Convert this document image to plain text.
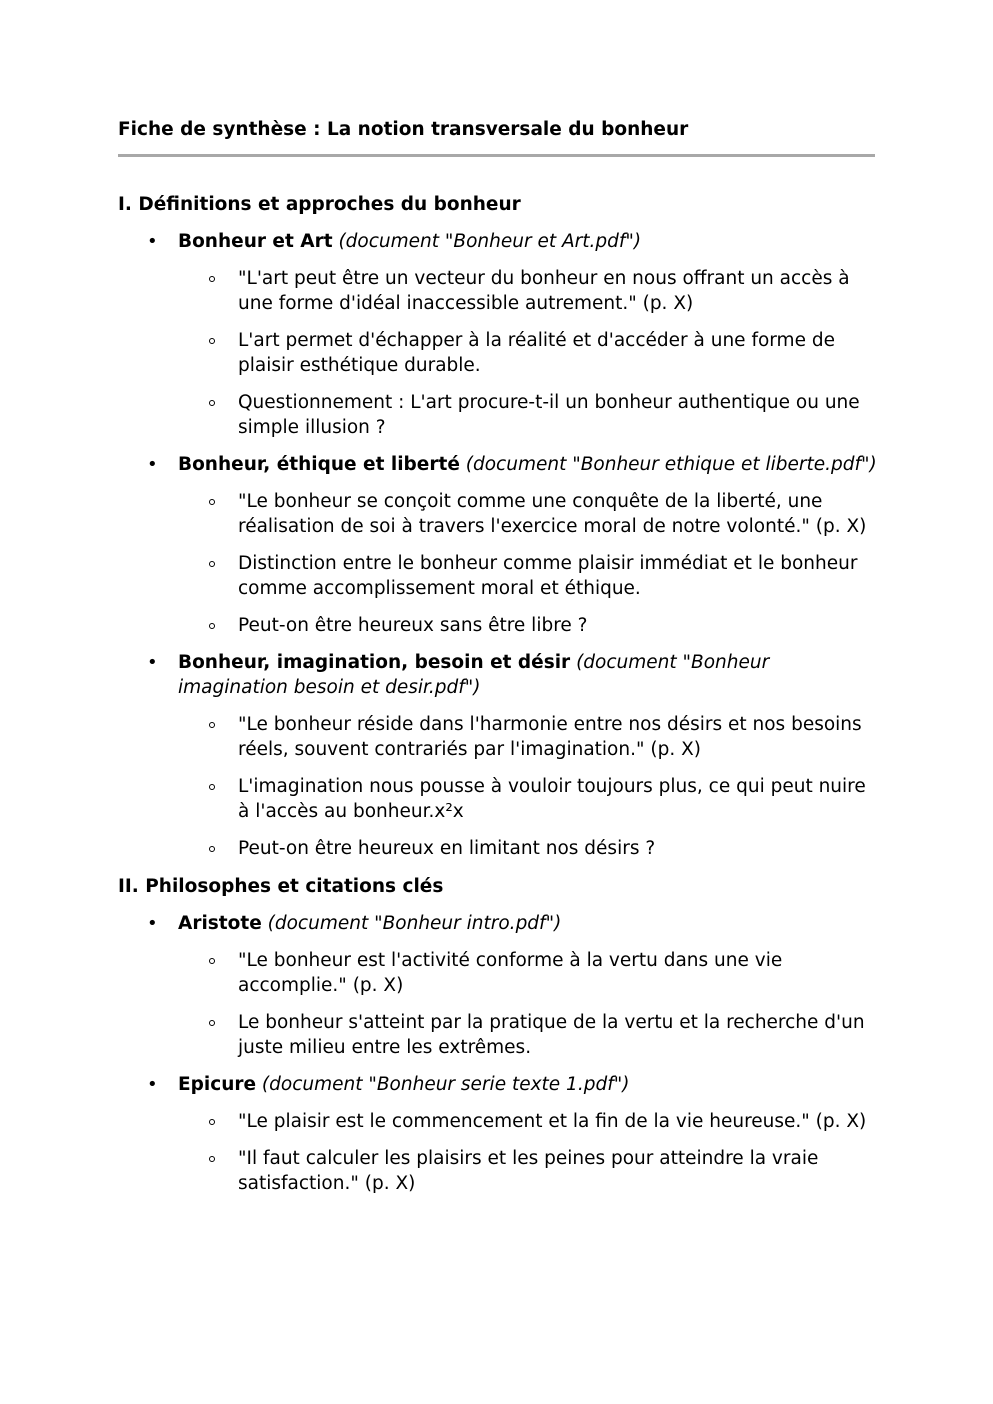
Fiche de synthèse : La notion transversale du bonheur
I. Définitions et approches du bonheur
• Bonheur et Art (document "Bonheur et Art.pdf")
"L'art peut être un vecteur du bonheur en nous offrant un accès à une forme d'idéal inaccessible autrement." (p. X)
L'art permet d'échapper à la réalité et d'accéder à une forme de plaisir esthétique durable.
Questionnement : L'art procure-t-il un bonheur authentique ou une simple illusion ?
• Bonheur, éthique et liberté (document "Bonheur ethique et liberte.pdf")
"Le bonheur se conçoit comme une conquête de la liberté, une réalisation de soi à travers l'exercice moral de notre volonté." (p. X)
Distinction entre le bonheur comme plaisir immédiat et le bonheur comme accomplissement moral et éthique.
Peut-on être heureux sans être libre ?
• Bonheur, imagination, besoin et désir (document "Bonheur imagination besoin et desir.pdf")
"Le bonheur réside dans l'harmonie entre nos désirs et nos besoins réels, souvent contrariés par l'imagination." (p. X)
L'imagination nous pousse à vouloir toujours plus, ce qui peut nuire à l'accès au bonheur.x²x
Peut-on être heureux en limitant nos désirs ?
II. Philosophes et citations clés
• Aristote (document "Bonheur intro.pdf")
"Le bonheur est l'activité conforme à la vertu dans une vie accomplie." (p. X)
Le bonheur s'atteint par la pratique de la vertu et la recherche d'un juste milieu entre les extrêmes.
• Epicure (document "Bonheur serie texte 1.pdf")
"Le plaisir est le commencement et la fin de la vie heureuse." (p. X)
"Il faut calculer les plaisirs et les peines pour atteindre la vraie satisfaction." (p. X)
